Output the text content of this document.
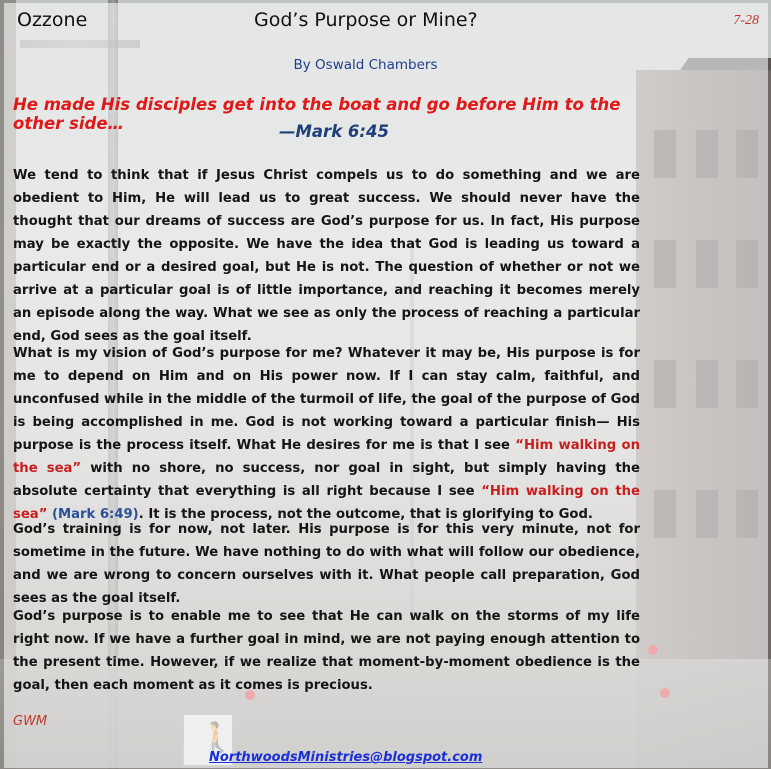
Ozzone	God’s Purpose or Mine?	7-28
By Oswald Chambers
He made His disciples get into the boat and go before Him to the other side…	—Mark 6:45
We tend to think that if Jesus Christ compels us to do something and we are obedient to Him, He will lead us to great success. We should never have the thought that our dreams of success are God’s purpose for us. In fact, His purpose may be exactly the opposite. We have the idea that God is leading us toward a particular end or a desired goal, but He is not. The question of whether or not we arrive at a particular goal is of little importance, and reaching it becomes merely an episode along the way. What we see as only the process of reaching a particular end, God sees as the goal itself.
What is my vision of God’s purpose for me? Whatever it may be, His purpose is for me to depend on Him and on His power now. If I can stay calm, faithful, and unconfused while in the middle of the turmoil of life, the goal of the purpose of God is being accomplished in me. God is not working toward a particular finish— His purpose is the process itself. What He desires for me is that I see “Him walking on the sea” with no shore, no success, nor goal in sight, but simply having the absolute certainty that everything is all right because I see “Him walking on the sea” (Mark 6:49). It is the process, not the outcome, that is glorifying to God.
God’s training is for now, not later. His purpose is for this very minute, not for sometime in the future. We have nothing to do with what will follow our obedience, and we are wrong to concern ourselves with it. What people call preparation, God sees as the goal itself.
God’s purpose is to enable me to see that He can walk on the storms of my life right now. If we have a further goal in mind, we are not paying enough attention to the present time. However, if we realize that moment-by-moment obedience is the goal, then each moment as it comes is precious.
GWM
NorthwoodsMinistries@blogspot.com
